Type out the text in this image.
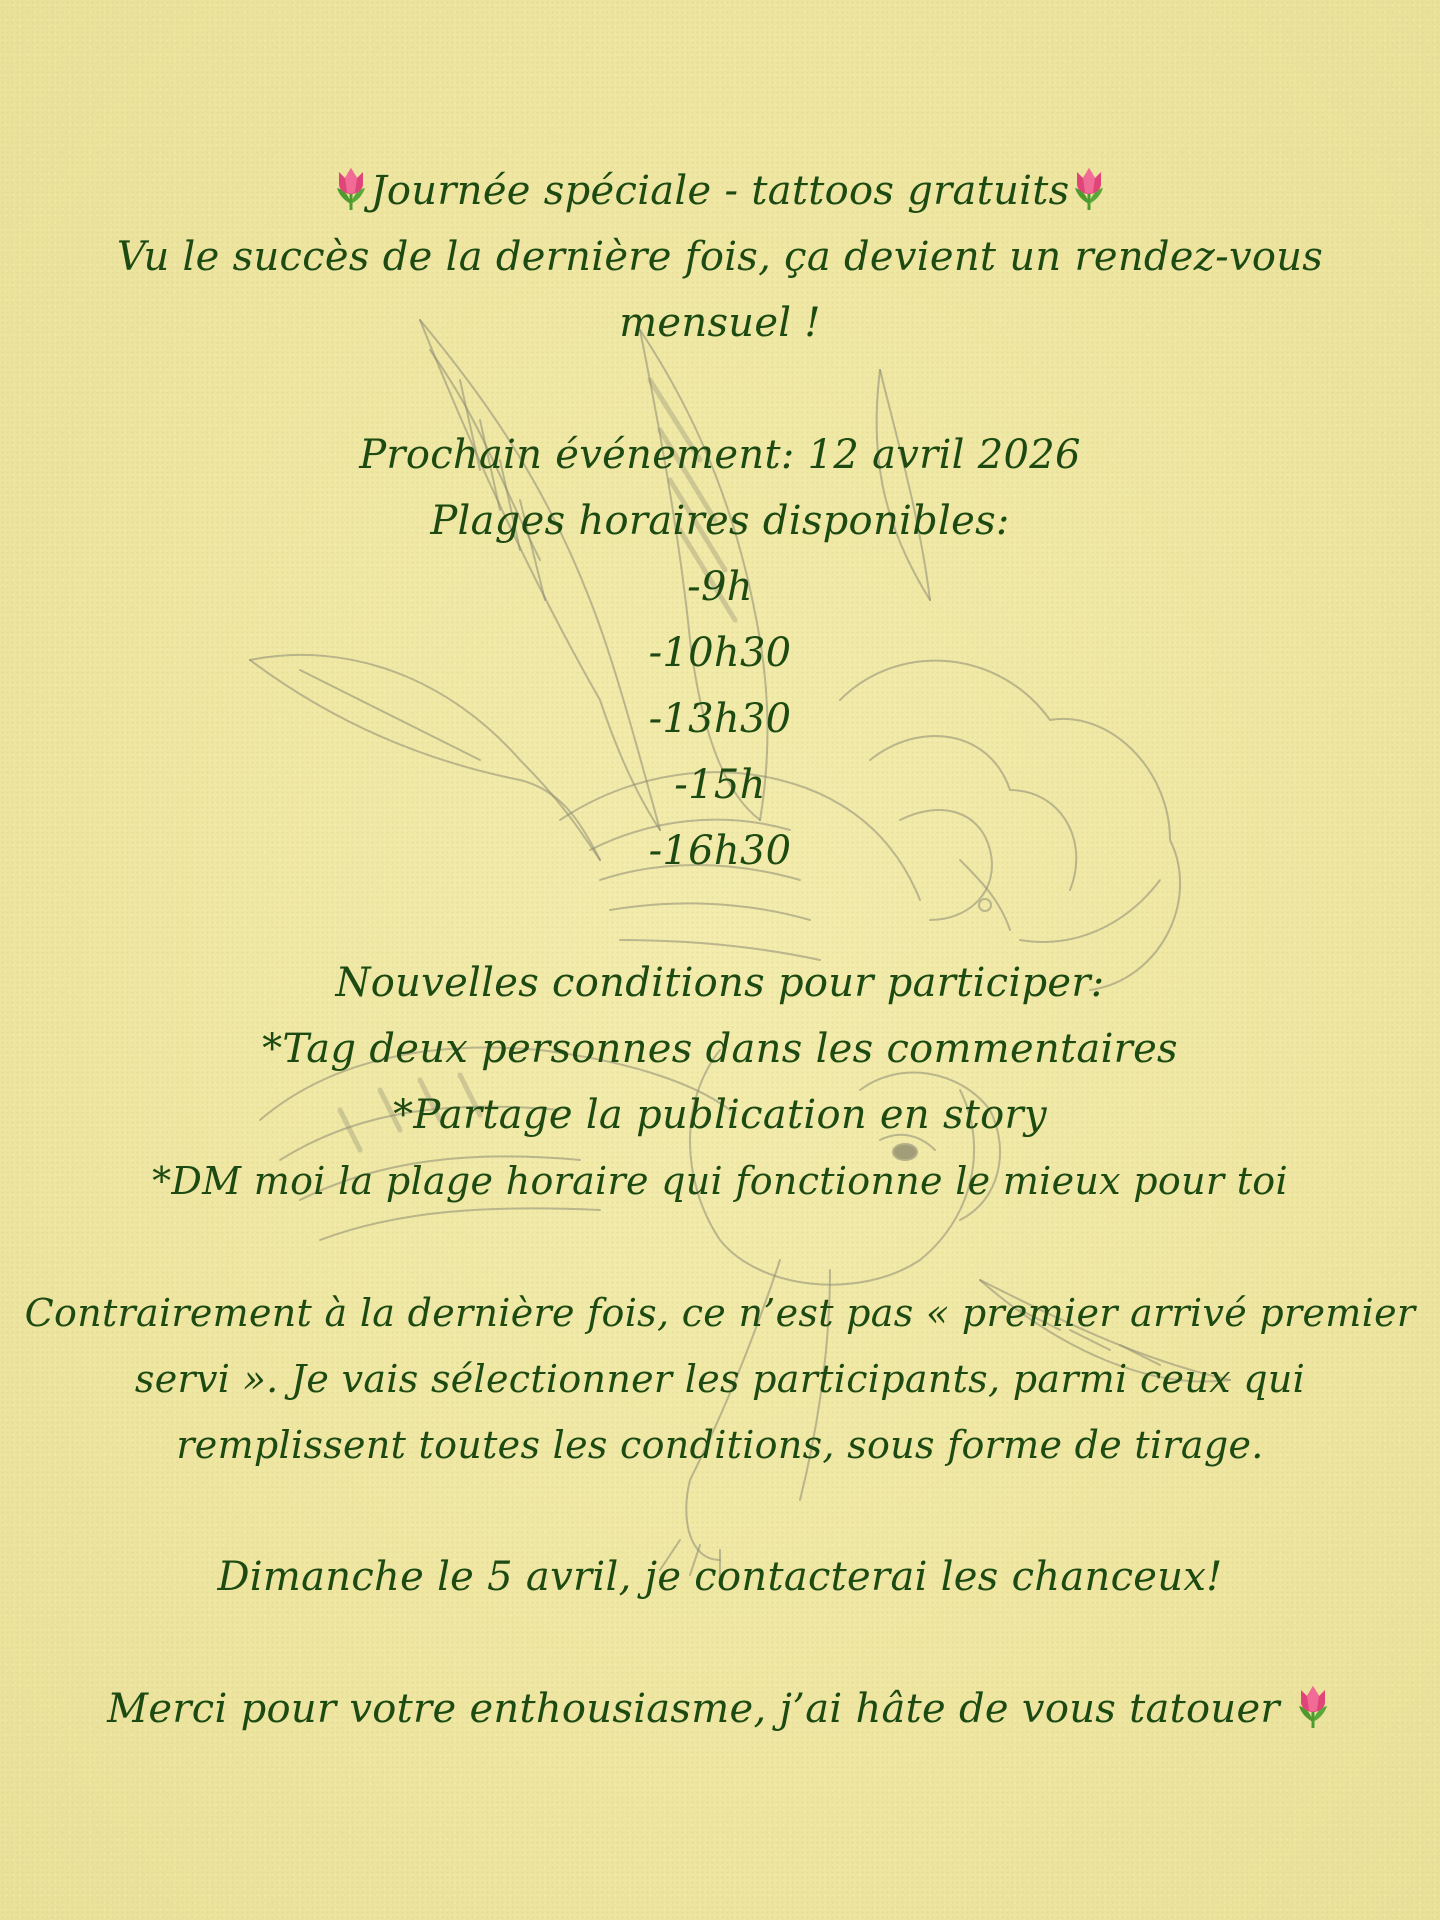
Journée spéciale - tattoos gratuits
Vu le succès de la dernière fois, ça devient un rendez-vous mensuel !
Prochain événement: 12 avril 2026
Plages horaires disponibles:
-9h
-10h30
-13h30
-15h
-16h30
Nouvelles conditions pour participer:
*Tag deux personnes dans les commentaires
*Partage la publication en story
*DM moi la plage horaire qui fonctionne le mieux pour toi
Contrairement à la dernière fois, ce n’est pas « premier arrivé premier servi ». Je vais sélectionner les participants, parmi ceux qui remplissent toutes les conditions, sous forme de tirage.
Dimanche le 5 avril, je contacterai les chanceux!
Merci pour votre enthousiasme, j’ai hâte de vous tatouer
